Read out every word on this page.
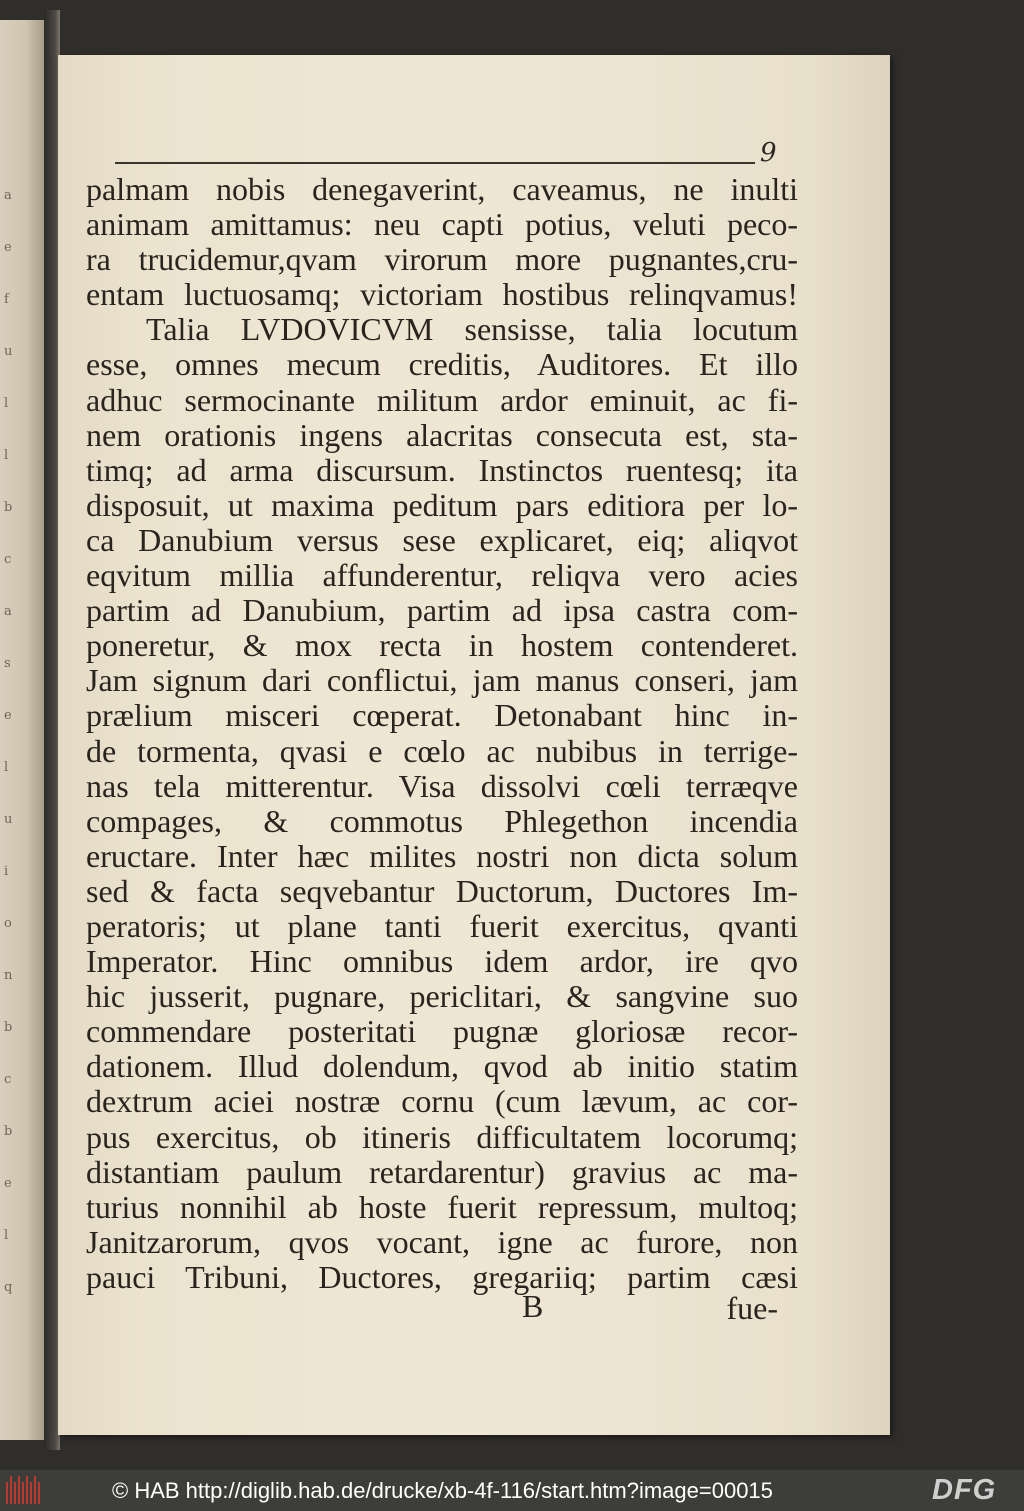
a
e
f
u
l
l
b
c
a
s
e
l
u
i
o
n
b
c
b
e
l
q
9
palmam nobis denegaverint, caveamus, ne inulti
animam amittamus: neu capti potius, veluti peco-
ra trucidemur,qvam virorum more pugnantes,cru-
entam luctuosamq; victoriam hostibus relinqvamus!
Talia LVDOVICVM sensisse, talia locutum
esse, omnes mecum creditis, Auditores. Et illo
adhuc sermocinante militum ardor eminuit, ac fi-
nem orationis ingens alacritas consecuta est, sta-
timq; ad arma discursum. Instinctos ruentesq; ita
disposuit, ut maxima peditum pars editiora per lo-
ca Danubium versus sese explicaret, eiq; aliqvot
eqvitum millia affunderentur, reliqva vero acies
partim ad Danubium, partim ad ipsa castra com-
poneretur, & mox recta in hostem contenderet.
Jam signum dari conflictui, jam manus conseri, jam
prælium misceri cœperat. Detonabant hinc in-
de tormenta, qvasi e cœlo ac nubibus in terrige-
nas tela mitterentur. Visa dissolvi cœli terræqve
compages, & commotus Phlegethon incendia
eructare. Inter hæc milites nostri non dicta solum
sed & facta seqvebantur Ductorum, Ductores Im-
peratoris; ut plane tanti fuerit exercitus, qvanti
Imperator. Hinc omnibus idem ardor, ire qvo
hic jusserit, pugnare, periclitari, & sangvine suo
commendare posteritati pugnæ gloriosæ recor-
dationem. Illud dolendum, qvod ab initio statim
dextrum aciei nostræ cornu (cum lævum, ac cor-
pus exercitus, ob itineris difficultatem locorumq;
distantiam paulum retardarentur) gravius ac ma-
turius nonnihil ab hoste fuerit repressum, multoq;
Janitzarorum, qvos vocant, igne ac furore, non
pauci Tribuni, Ductores, gregariiq; partim cæsi
B	fue-
© HAB http://diglib.hab.de/drucke/xb-4f-116/start.htm?image=00015	DFG
